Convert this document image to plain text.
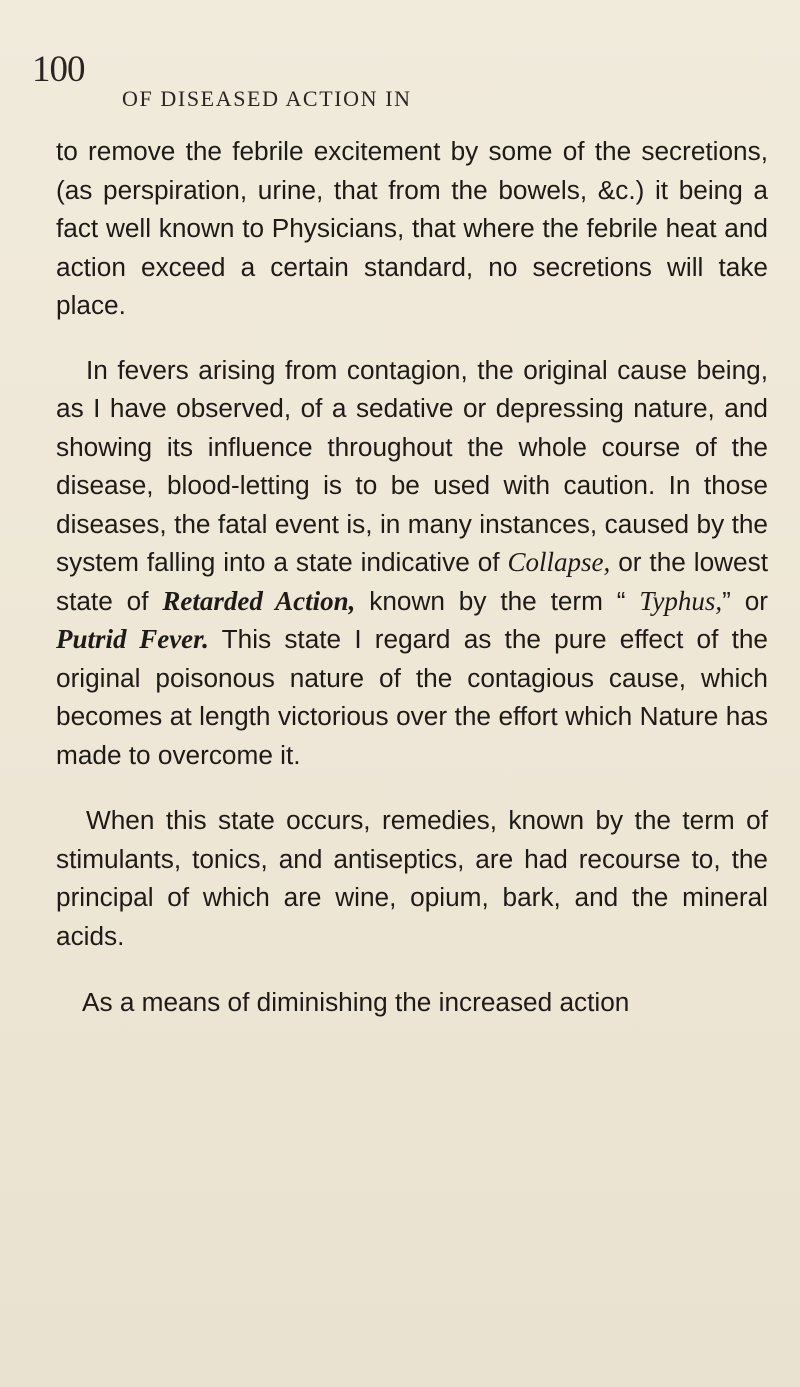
100
OF DISEASED ACTION IN

to remove the febrile excitement by some of the secretions, (as perspiration, urine, that from the bowels, &c.) it being a fact well known to Physicians, that where the febrile heat and action exceed a certain standard, no secretions will take place.

In fevers arising from contagion, the original cause being, as I have observed, of a sedative or depressing nature, and showing its influence throughout the whole course of the disease, blood-letting is to be used with caution. In those diseases, the fatal event is, in many instances, caused by the system falling into a state indicative of Collapse, or the lowest state of Retarded Action, known by the term “ Typhus,” or Putrid Fever. This state I regard as the pure effect of the original poisonous nature of the contagious cause, which becomes at length victorious over the effort which Nature has made to overcome it.

When this state occurs, remedies, known by the term of stimulants, tonics, and antiseptics, are had recourse to, the principal of which are wine, opium, bark, and the mineral acids.

As a means of diminishing the increased action
